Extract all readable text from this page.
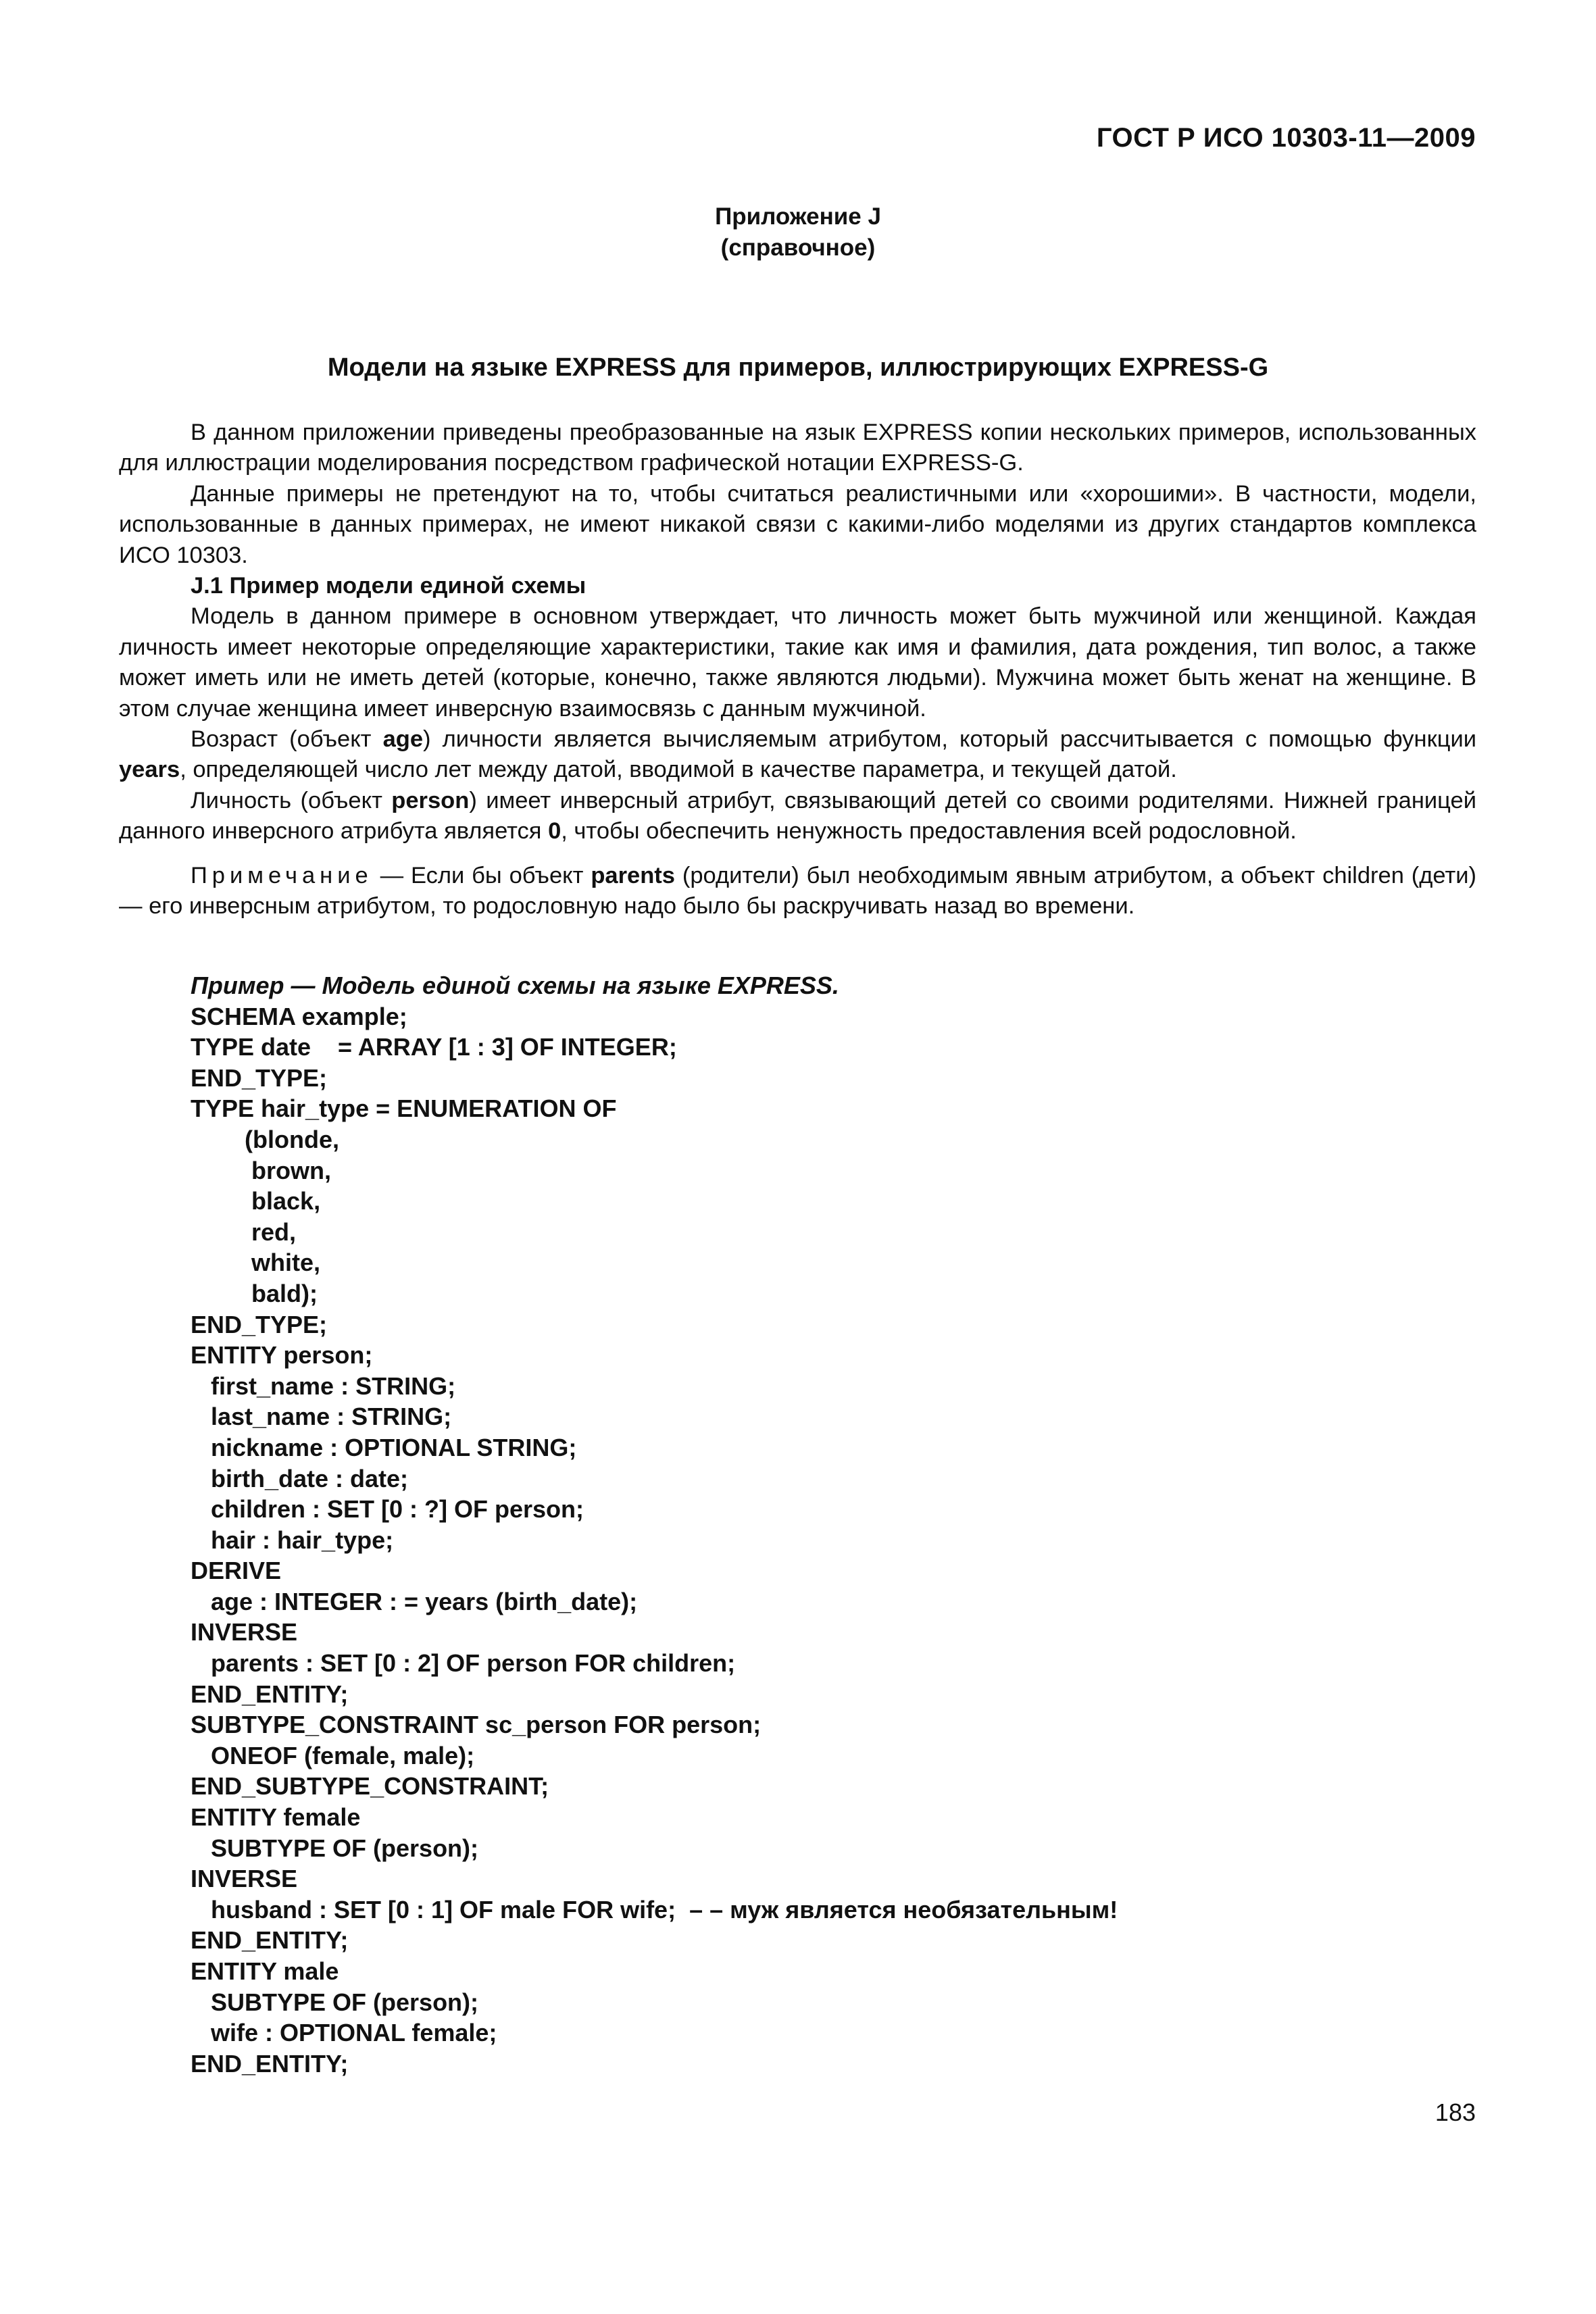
ГОСТ Р ИСО 10303-11—2009
Приложение J
(справочное)
Модели на языке EXPRESS для примеров, иллюстрирующих EXPRESS-G

В данном приложении приведены преобразованные на язык EXPRESS копии нескольких примеров, использованных для иллюстрации моделирования посредством графической нотации EXPRESS-G.

Данные примеры не претендуют на то, чтобы считаться реалистичными или «хорошими». В частности, модели, использованные в данных примерах, не имеют никакой связи с какими-либо моделями из других стандартов комплекса ИСО 10303.

J.1 Пример модели единой схемы

Модель в данном примере в основном утверждает, что личность может быть мужчиной или женщиной. Каждая личность имеет некоторые определяющие характеристики, такие как имя и фамилия, дата рождения, тип волос, а также может иметь или не иметь детей (которые, конечно, также являются людьми). Мужчина может быть женат на женщине. В этом случае женщина имеет инверсную взаимосвязь с данным мужчиной.

Возраст (объект age) личности является вычисляемым атрибутом, который рассчитывается с помощью функции years, определяющей число лет между датой, вводимой в качестве параметра, и текущей датой.

Личность (объект person) имеет инверсный атрибут, связывающий детей со своими родителями. Нижней границей данного инверсного атрибута является 0, чтобы обеспечить ненужность предоставления всей родословной.

Примечание — Если бы объект parents (родители) был необходимым явным атрибутом, а объект children (дети) — его инверсным атрибутом, то родословную надо было бы раскручивать назад во времени.

Пример — Модель единой схемы на языке EXPRESS.
SCHEMA example;
TYPE date    = ARRAY [1 : 3] OF INTEGER;
END_TYPE;
TYPE hair_type = ENUMERATION OF
(blonde,
brown,
black,
red,
white,
bald);
END_TYPE;
ENTITY person;
first_name : STRING;
last_name : STRING;
nickname : OPTIONAL STRING;
birth_date : date;
children : SET [0 : ?] OF person;
hair : hair_type;
DERIVE
age : INTEGER : = years (birth_date);
INVERSE
parents : SET [0 : 2] OF person FOR children;
END_ENTITY;
SUBTYPE_CONSTRAINT sc_person FOR person;
ONEOF (female, male);
END_SUBTYPE_CONSTRAINT;
ENTITY female
SUBTYPE OF (person);
INVERSE
husband : SET [0 : 1] OF male FOR wife;  – – муж является необязательным!
END_ENTITY;
ENTITY male
SUBTYPE OF (person);
wife : OPTIONAL female;
END_ENTITY;
183
